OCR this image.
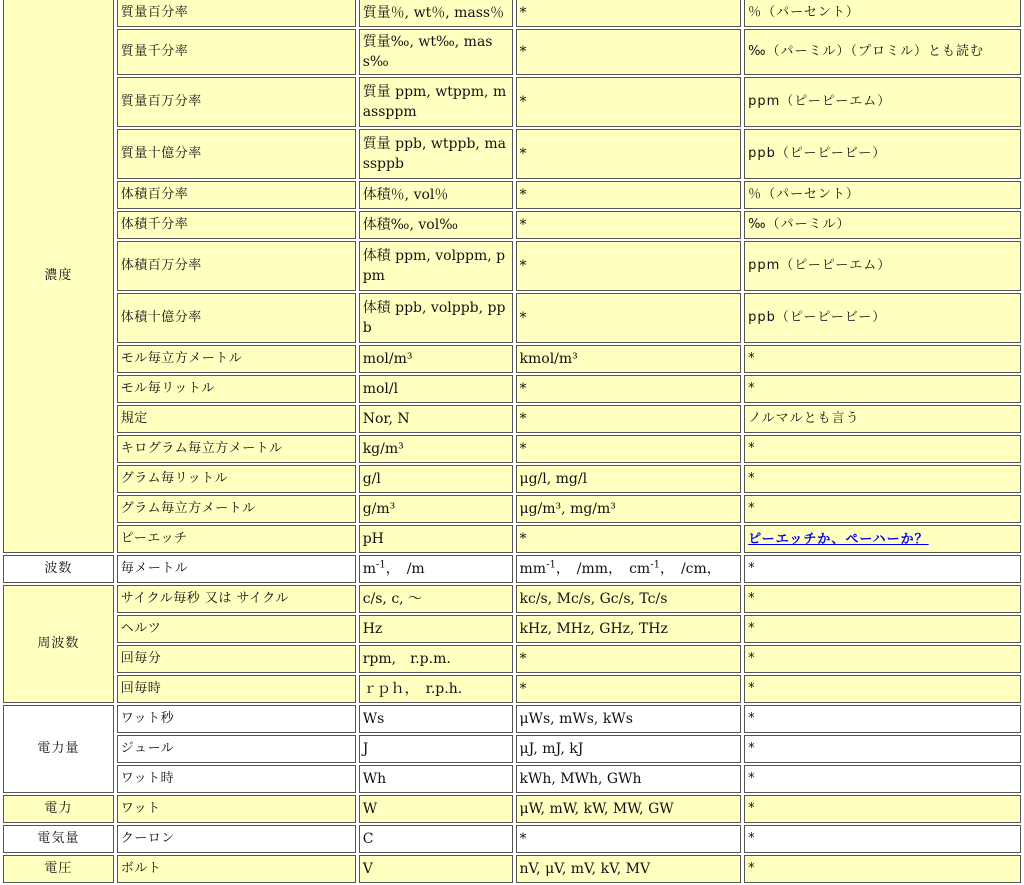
濃度	質量百分率	質量％, wt％, mass％	*	％（パーセント）
	質量千分率	質量‰, wt‰, mass‰	*	‰（パーミル）（プロミル）とも読む
	質量百万分率	質量 ppm, wtppm, massppm	*	ppm（ピーピーエム）
	質量十億分率	質量 ppb, wtppb, massppb	*	ppb（ピーピービー）
	体積百分率	体積％, vol％	*	％（パーセント）
	体積千分率	体積‰, vol‰	*	‰（パーミル）
	体積百万分率	体積 ppm, volppm, ppm	*	ppm（ピーピーエム）
	体積十億分率	体積 ppb, volppb, ppb	*	ppb（ピーピービー）
	モル毎立方メートル	mol/m³	kmol/m³	*
	モル毎リットル	mol/l	*	*
	規定	Nor, N	*	ノルマルとも言う
	キログラム毎立方メートル	kg/m³	*	*
	グラム毎リットル	g/l	μg/l, mg/l	*
	グラム毎立方メートル	g/m³	μg/m³, mg/m³	*
	ピーエッチ	pH	*	ピーエッチか、ペーハーか？
波数	毎メートル	$m^{-1}$，　/m	$mm^{-1}$，　/mm，　$cm^{-1}$，　/cm，	*
周波数	サイクル毎秒 又は サイクル	c/s, c, ～	kc/s, Mc/s, Gc/s, Tc/s	*
	ヘルツ	Hz	kHz, MHz, GHz, THz	*
	回毎分	rpm,　r.p.m.	*	*
	回毎時	ｒｐｈ，　r.p.h.	*	*
電力量	ワット秒	Ws	μWs, mWs, kWs	*
	ジュール	J	μJ, mJ, kJ	*
	ワット時	Wh	kWh, MWh, GWh	*
電力	ワット	W	μW, mW, kW, MW, GW	*
電気量	クーロン	C	*	*
電圧	ボルト	V	nV, μV, mV, kV, MV	*
